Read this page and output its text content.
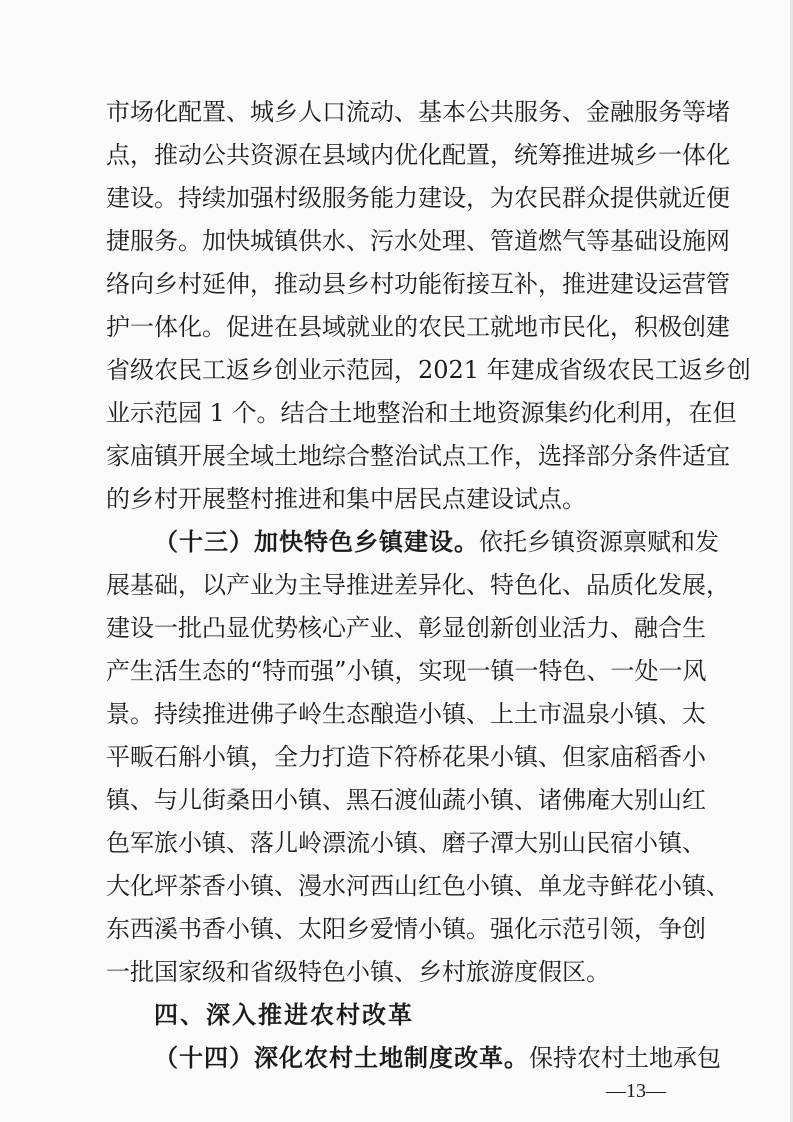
市场化配置、城乡人口流动、基本公共服务、金融服务等堵
点，推动公共资源在县域内优化配置，统筹推进城乡一体化
建设。持续加强村级服务能力建设，为农民群众提供就近便
捷服务。加快城镇供水、污水处理、管道燃气等基础设施网
络向乡村延伸，推动县乡村功能衔接互补，推进建设运营管
护一体化。促进在县域就业的农民工就地市民化，积极创建
省级农民工返乡创业示范园，2021 年建成省级农民工返乡创
业示范园 1 个。结合土地整治和土地资源集约化利用，在但
家庙镇开展全域土地综合整治试点工作，选择部分条件适宜
的乡村开展整村推进和集中居民点建设试点。
（十三）加快特色乡镇建设。依托乡镇资源禀赋和发
展基础，以产业为主导推进差异化、特色化、品质化发展，
建设一批凸显优势核心产业、彰显创新创业活力、融合生
产生活生态的“特而强”小镇，实现一镇一特色、一处一风
景。持续推进佛子岭生态酿造小镇、上土市温泉小镇、太
平畈石斛小镇，全力打造下符桥花果小镇、但家庙稻香小
镇、与儿街桑田小镇、黑石渡仙蔬小镇、诸佛庵大别山红
色军旅小镇、落儿岭漂流小镇、磨子潭大别山民宿小镇、
大化坪茶香小镇、漫水河西山红色小镇、单龙寺鲜花小镇、
东西溪书香小镇、太阳乡爱情小镇。强化示范引领，争创
一批国家级和省级特色小镇、乡村旅游度假区。
四、深入推进农村改革
（十四）深化农村土地制度改革。保持农村土地承包
—13—
